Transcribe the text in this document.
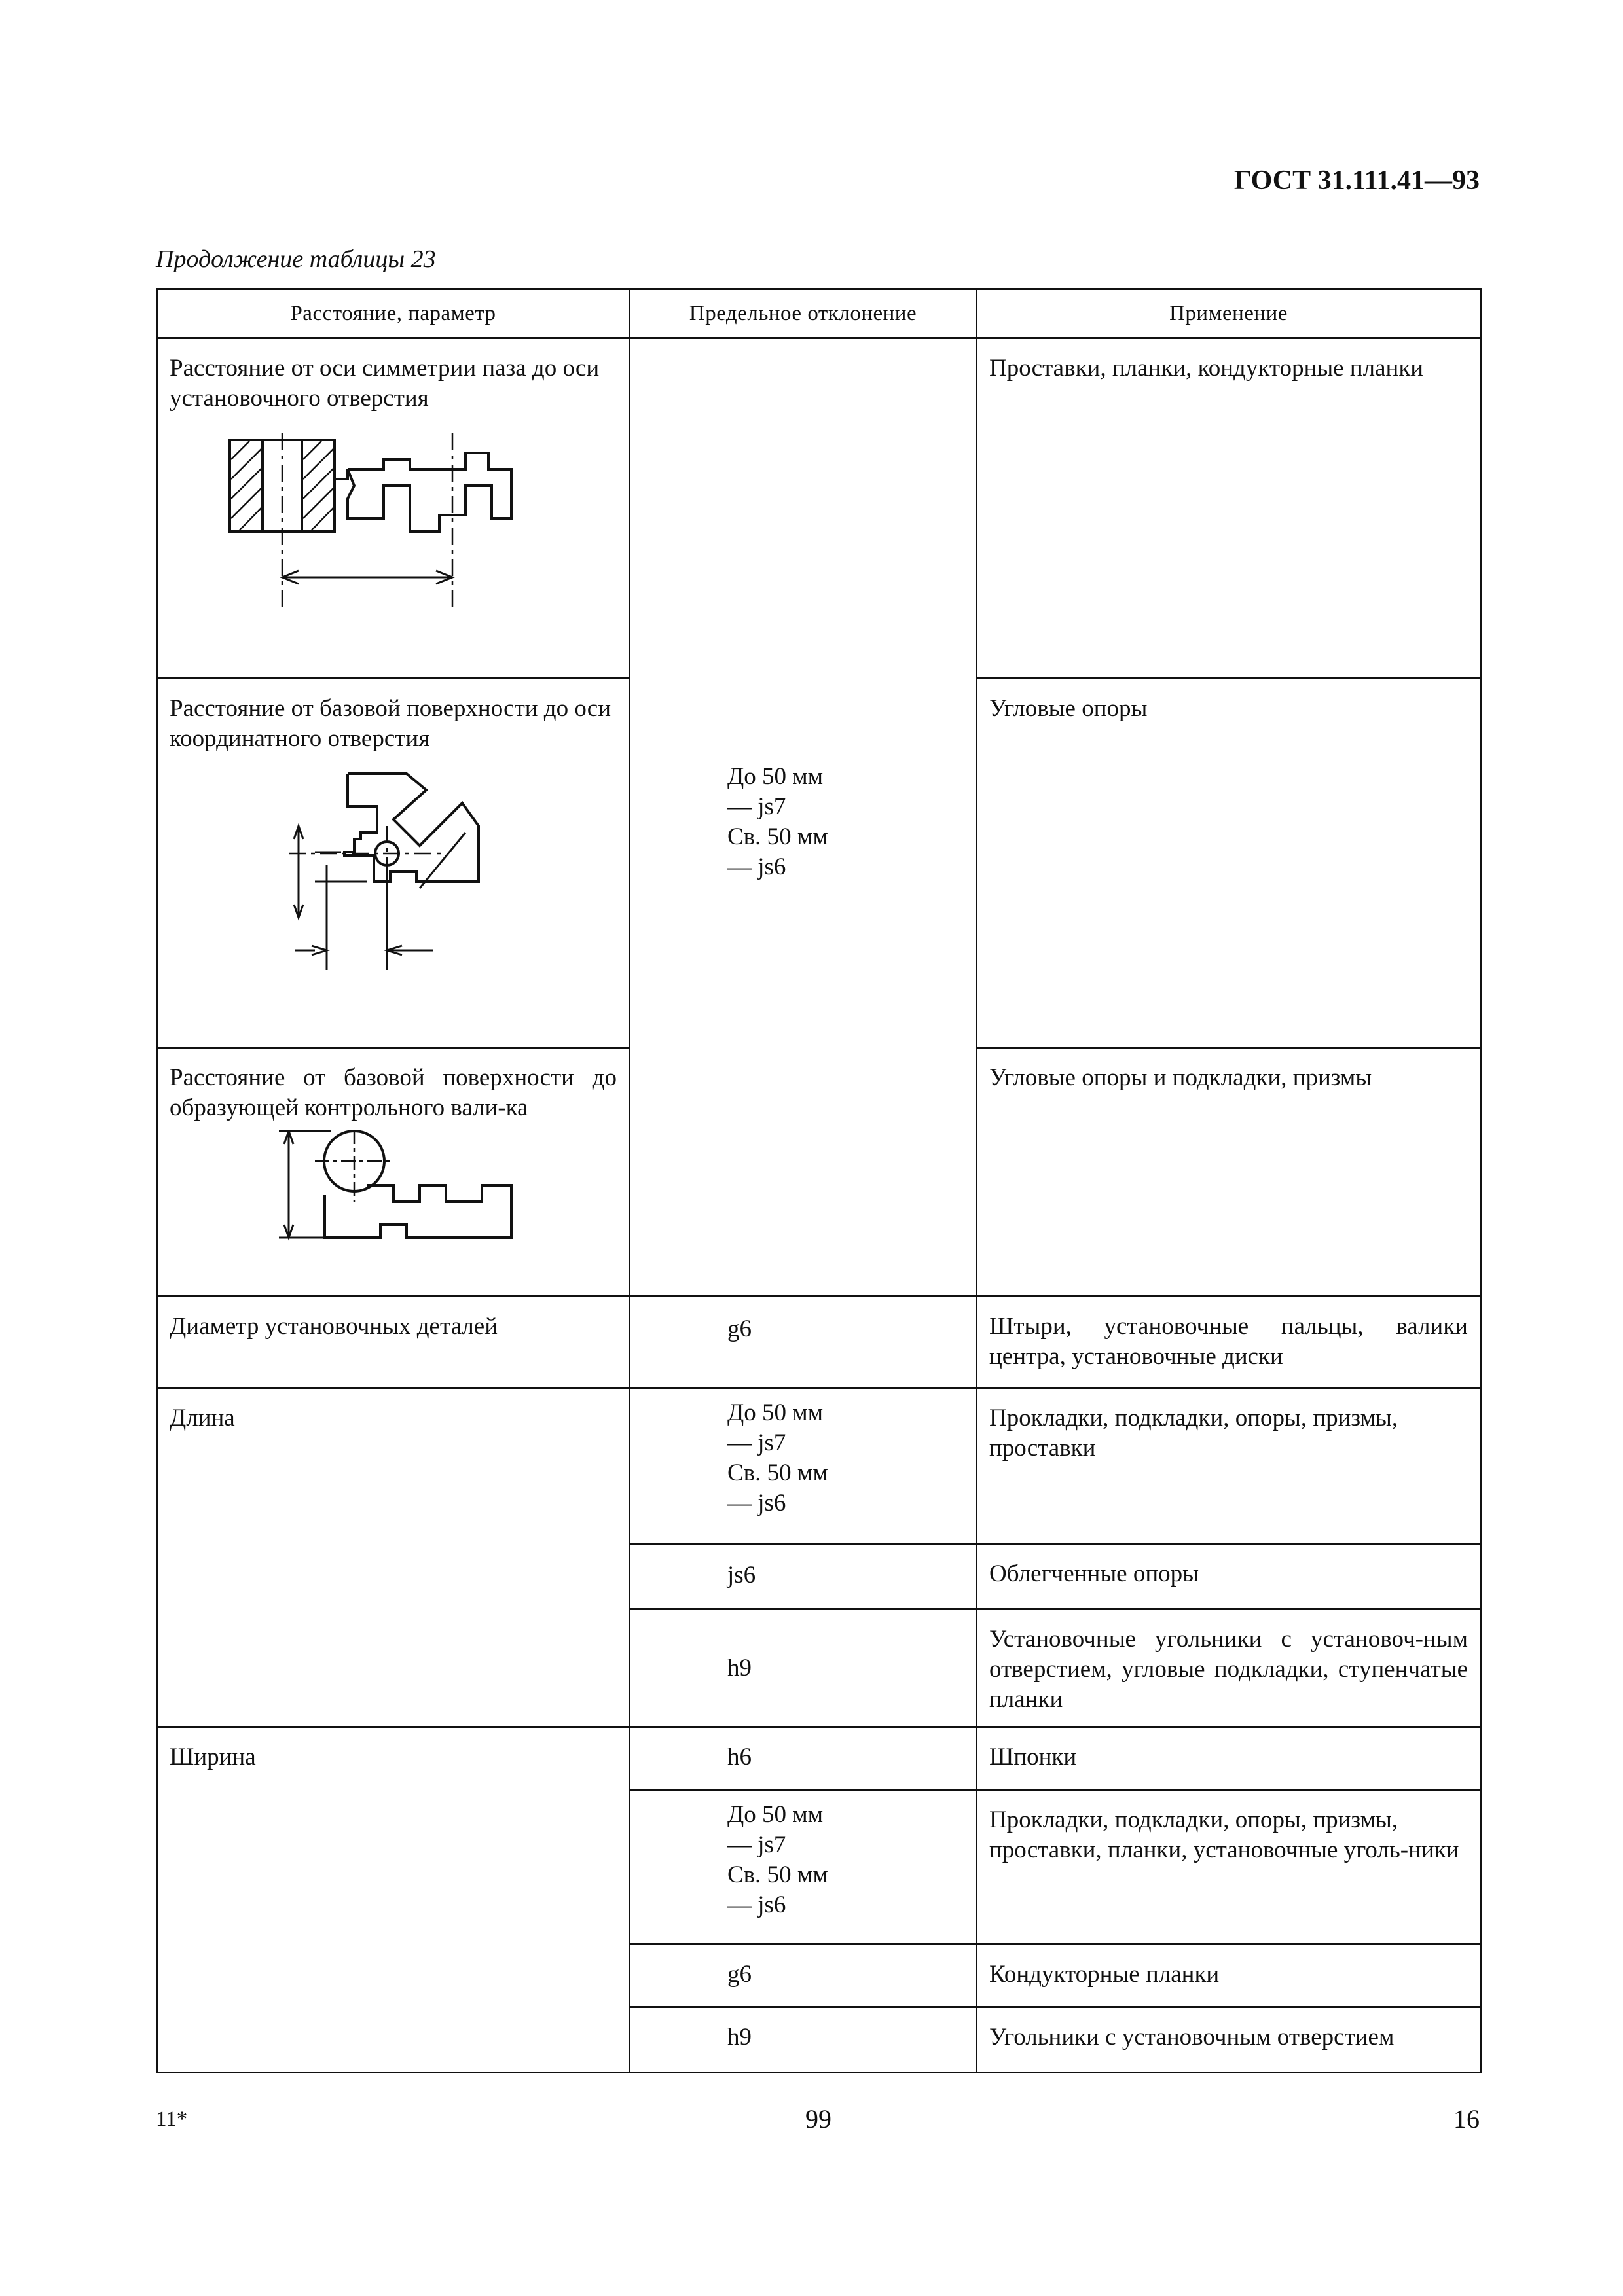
ГОСТ 31.111.41—93
Продолжение таблицы 23
Расстояние, параметр	Предельное отклонение	Применение

Расстояние от оси симметрии паза до оси установочного отверстия	До 50 мм
— js7
Св. 50 мм
— js6	Проставки, планки, кондукторные планки

Расстояние от базовой поверхности до оси координатного отверстия		Угловые опоры

Расстояние от базовой поверхности до образующей контрольного вали-ка		Угловые опоры и подкладки, призмы

Диаметр установочных деталей	g6	Штыри, установочные пальцы, валики центра, установочные диски

Длина	До 50 мм
— js7
Св. 50 мм
— js6	Прокладки, подкладки, опоры, призмы, проставки

	js6	Облегченные опоры

	h9	Установочные угольники с установоч-ным отверстием, угловые подкладки, ступенчатые планки

Ширина	h6	Шпонки

	До 50 мм
— js7
Св. 50 мм
— js6	Прокладки, подкладки, опоры, призмы, проставки, планки, установочные уголь-ники

	g6	Кондукторные планки

	h9	Угольники с установочным отверстием
11*	99	16
